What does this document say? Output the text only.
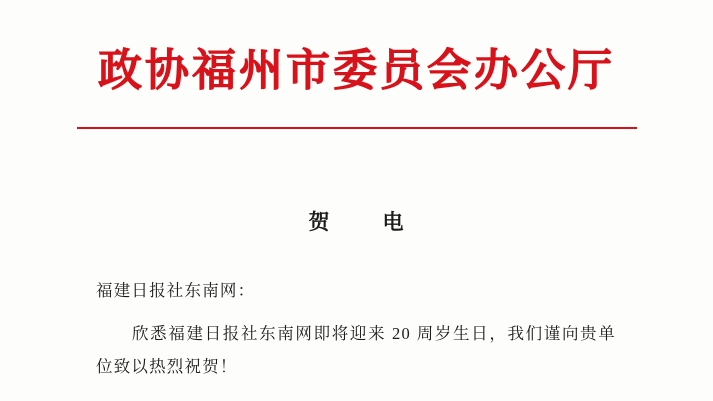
政协福州市委员会办公厅
贺　电
福建日报社东南网：
欣悉福建日报社东南网即将迎来 20 周岁生日，我们谨向贵单位致以热烈祝贺！
